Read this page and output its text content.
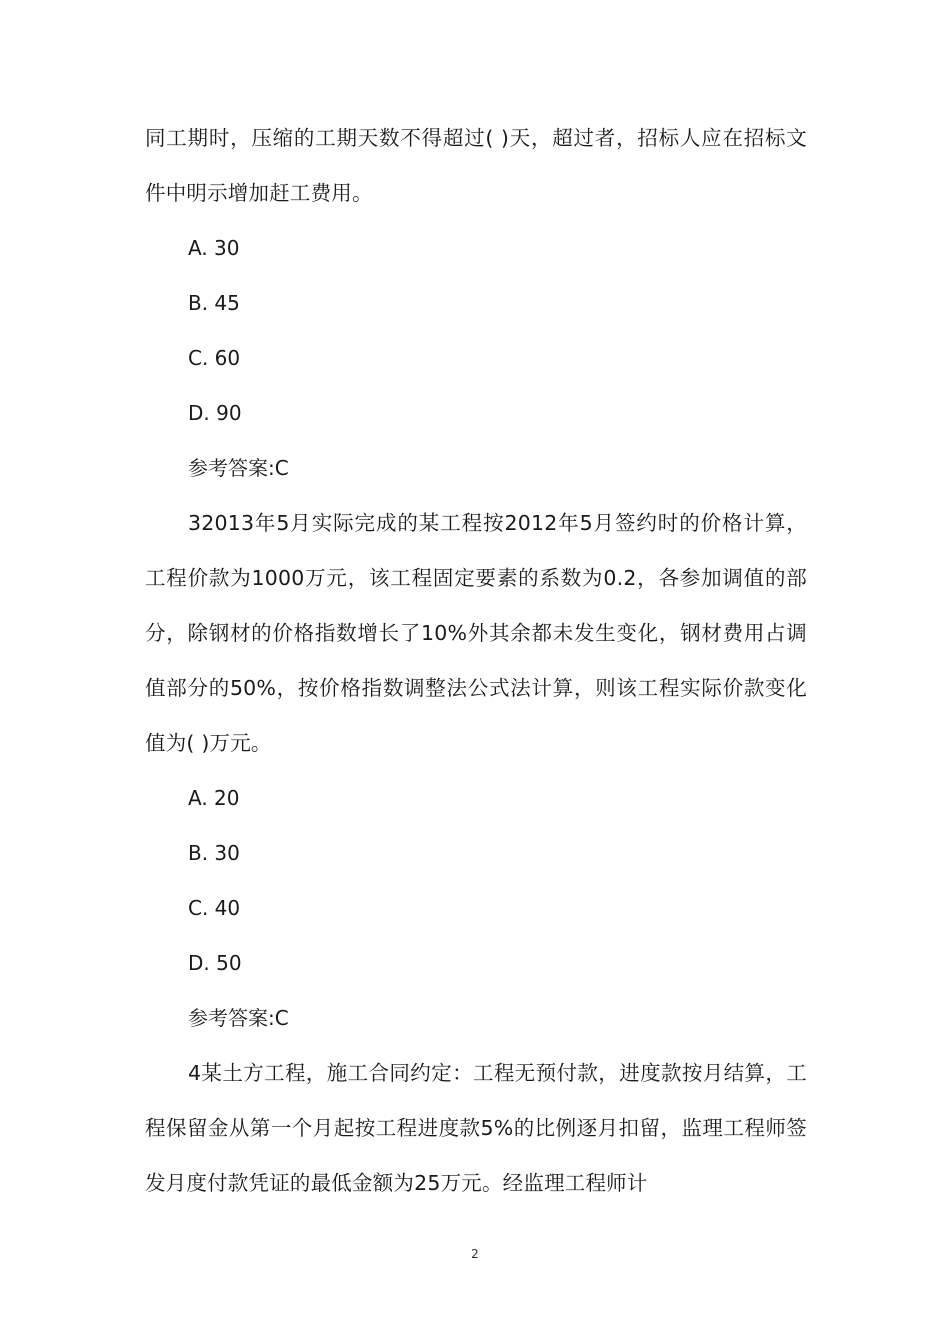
同工期时，压缩的工期天数不得超过( )天，超过者，招标人应在招标文件中明示增加赶工费用。

A. 30

B. 45

C. 60

D. 90

参考答案:C

32013年5月实际完成的某工程按2012年5月签约时的价格计算，工程价款为1000万元，该工程固定要素的系数为0.2，各参加调值的部分，除钢材的价格指数增长了10%外其余都未发生变化，钢材费用占调值部分的50%，按价格指数调整法公式法计算，则该工程实际价款变化值为( )万元。

A. 20

B. 30

C. 40

D. 50

参考答案:C

4某土方工程，施工合同约定：工程无预付款，进度款按月结算，工程保留金从第一个月起按工程进度款5%的比例逐月扣留，监理工程师签发月度付款凭证的最低金额为25万元。经监理工程师计

2
